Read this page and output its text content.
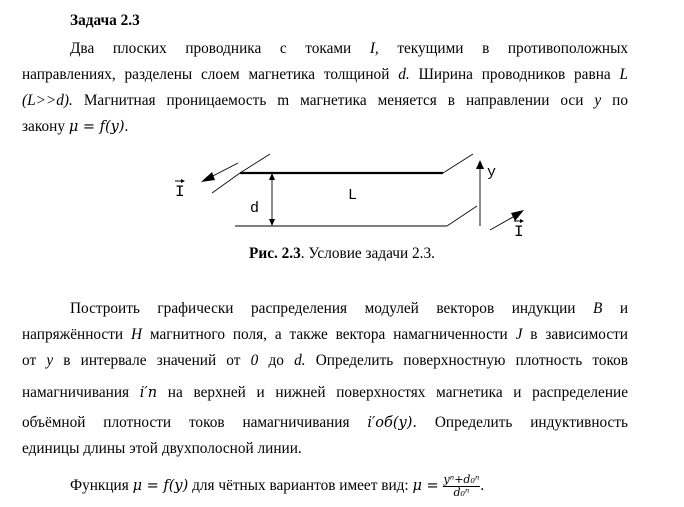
Задача 2.3
Два плоских проводника с токами I, текущими в противоположных
направлениях, разделены слоем магнетика толщиной d. Ширина проводников равна L
(L>>d). Магнитная проницаемость m магнетика меняется в направлении оси y по
закону μ = f(y).
I
I
L
d
y
Рис. 2.3. Условие задачи 2.3.
Построить графически распределения модулей векторов индукции B и
напряжённости H магнитного поля, а также вектора намагниченности J в зависимости
от y в интервале значений от 0 до d. Определить поверхностную плотность токов
намагничивания i′п на верхней и нижней поверхностях магнетика и распределение
объёмной плотности токов намагничивания i′об(y). Определить индуктивность
единицы длины этой двухполосной линии.
Функция μ = f(y) для чётных вариантов имеет вид: $\mu = \frac{\text{yⁿ+d₀ⁿ}}{\text{d₀ⁿ}}$ .
